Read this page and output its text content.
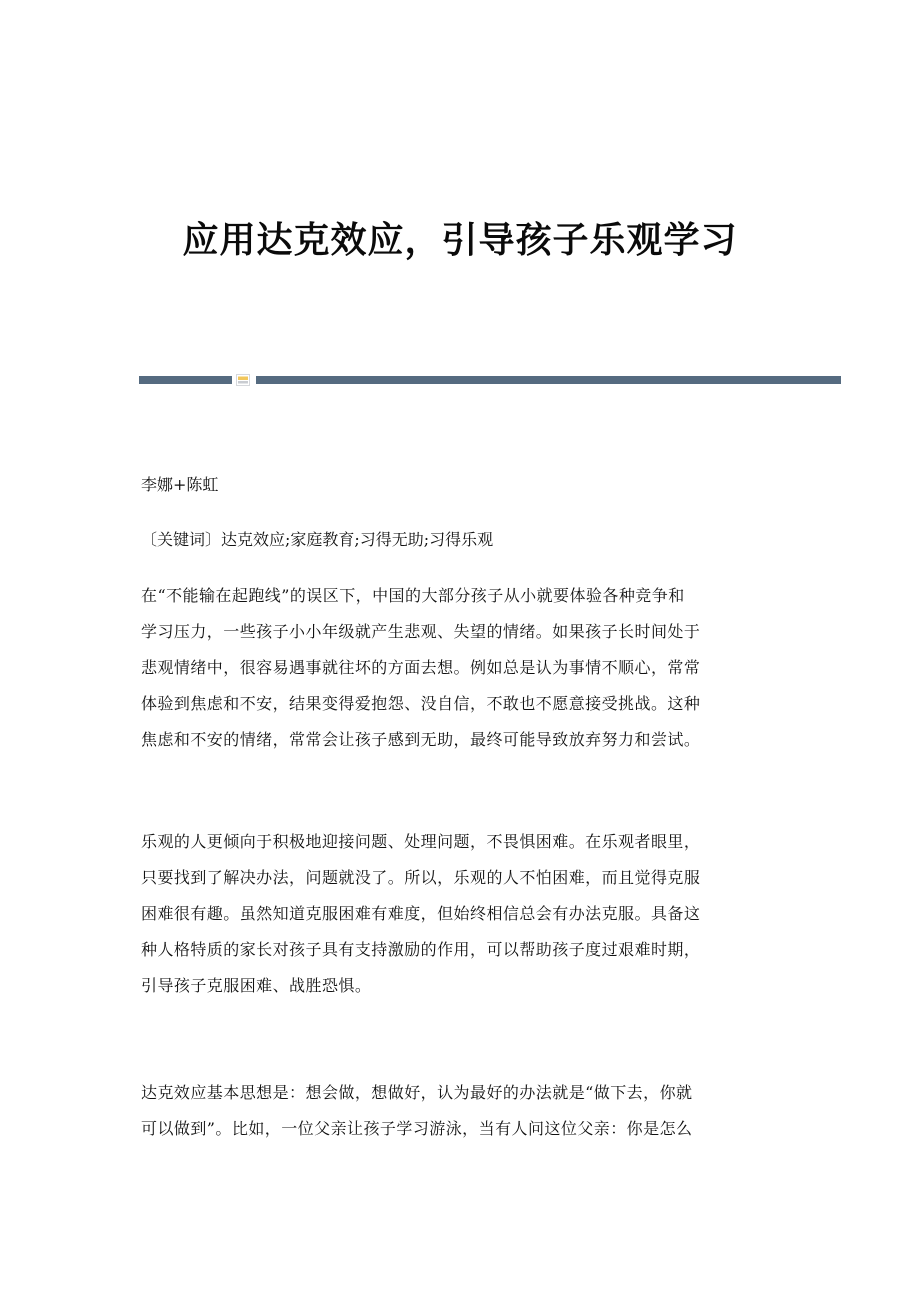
应用达克效应，引导孩子乐观学习
李娜+陈虹
〔关键词〕达克效应;家庭教育;习得无助;习得乐观

在“不能输在起跑线”的误区下，中国的大部分孩子从小就要体验各种竞争和
学习压力，一些孩子小小年级就产生悲观、失望的情绪。如果孩子长时间处于
悲观情绪中，很容易遇事就往坏的方面去想。例如总是认为事情不顺心，常常
体验到焦虑和不安，结果变得爱抱怨、没自信，不敢也不愿意接受挑战。这种
焦虑和不安的情绪，常常会让孩子感到无助，最终可能导致放弃努力和尝试。

乐观的人更倾向于积极地迎接问题、处理问题，不畏惧困难。在乐观者眼里，
只要找到了解决办法，问题就没了。所以，乐观的人不怕困难，而且觉得克服
困难很有趣。虽然知道克服困难有难度，但始终相信总会有办法克服。具备这
种人格特质的家长对孩子具有支持激励的作用，可以帮助孩子度过艰难时期，
引导孩子克服困难、战胜恐惧。

达克效应基本思想是：想会做，想做好，认为最好的办法就是“做下去，你就
可以做到”。比如，一位父亲让孩子学习游泳，当有人问这位父亲：你是怎么
